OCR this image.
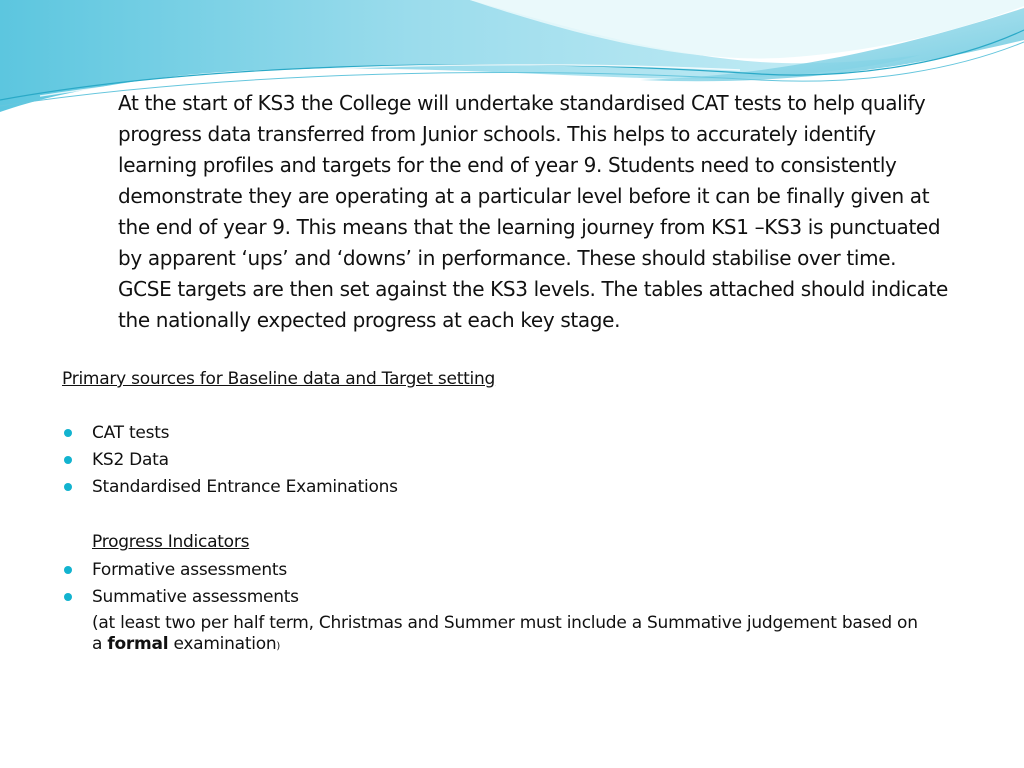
At the start of KS3 the College will undertake standardised CAT tests to help qualify progress data transferred from Junior schools. This helps to accurately identify learning profiles and targets for the end of year 9. Students need to consistently demonstrate they are operating at a particular level before it can be finally given at the end of year 9. This means that the learning journey from KS1 –KS3 is punctuated by apparent ‘ups’ and ‘downs’ in performance. These should stabilise over time. GCSE targets are then set against the KS3 levels. The tables attached should indicate the nationally expected progress at each key stage.

Primary sources for Baseline data and Target setting

CAT tests
KS2 Data
Standardised Entrance Examinations

Progress Indicators

Formative assessments
Summative assessments

(at least two per half term, Christmas and Summer must include a Summative judgement based on a formal examination)
